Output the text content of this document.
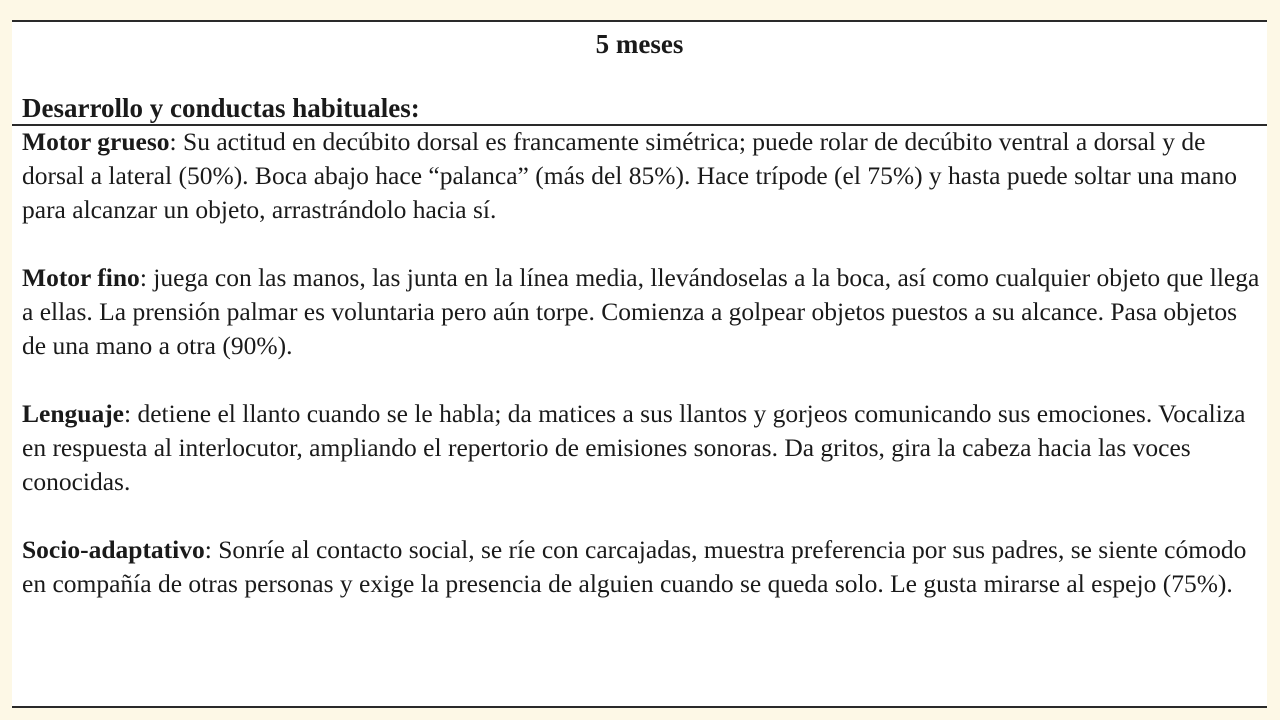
5 meses
Desarrollo y conductas habituales:

Motor grueso: Su actitud en decúbito dorsal es francamente simétrica; puede rolar de decúbito ventral a dorsal y de dorsal a lateral (50%). Boca abajo hace “palanca” (más del 85%). Hace trípode (el 75%) y hasta puede soltar una mano para alcanzar un objeto, arrastrándolo hacia sí.

Motor fino: juega con las manos, las junta en la línea media, llevándoselas a la boca, así como cualquier objeto que llega a ellas. La prensión palmar es voluntaria pero aún torpe. Comienza a golpear objetos puestos a su alcance. Pasa objetos de una mano a otra (90%).

Lenguaje: detiene el llanto cuando se le habla; da matices a sus llantos y gorjeos comunicando sus emociones. Vocaliza en respuesta al interlocutor, ampliando el repertorio de emisiones sonoras. Da gritos, gira la cabeza hacia las voces conocidas.

Socio-adaptativo: Sonríe al contacto social, se ríe con carcajadas, muestra preferencia por sus padres, se siente cómodo en compañía de otras personas y exige la presencia de alguien cuando se queda solo. Le gusta mirarse al espejo (75%).
